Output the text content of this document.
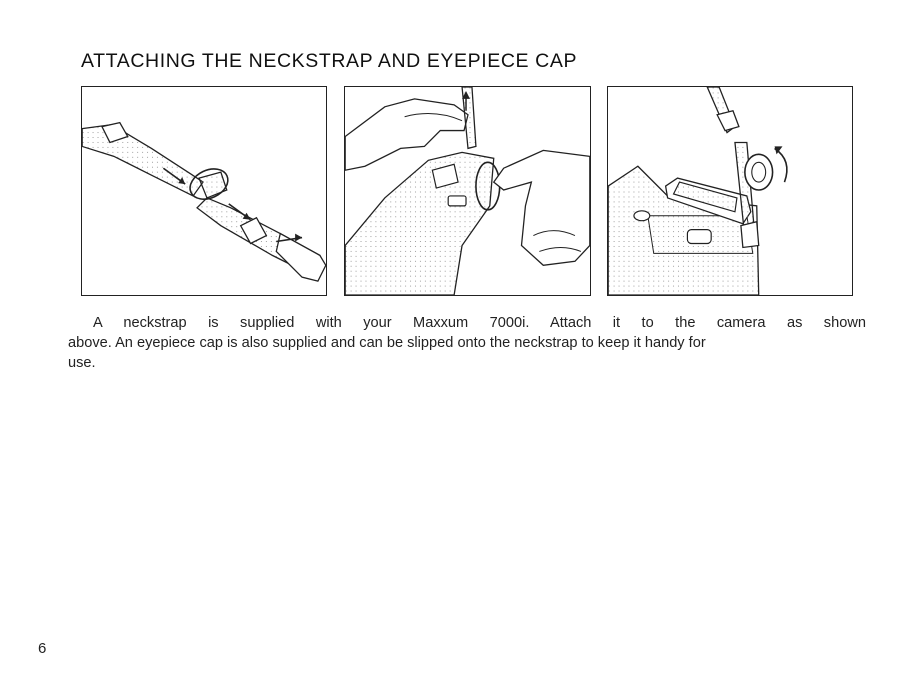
ATTACHING THE NECKSTRAP AND EYEPIECE CAP
A neckstrap is supplied with your Maxxum 7000i. Attach it to the camera as shown
above. An eyepiece cap is also supplied and can be slipped onto the neckstrap to keep it handy for
use.
6
